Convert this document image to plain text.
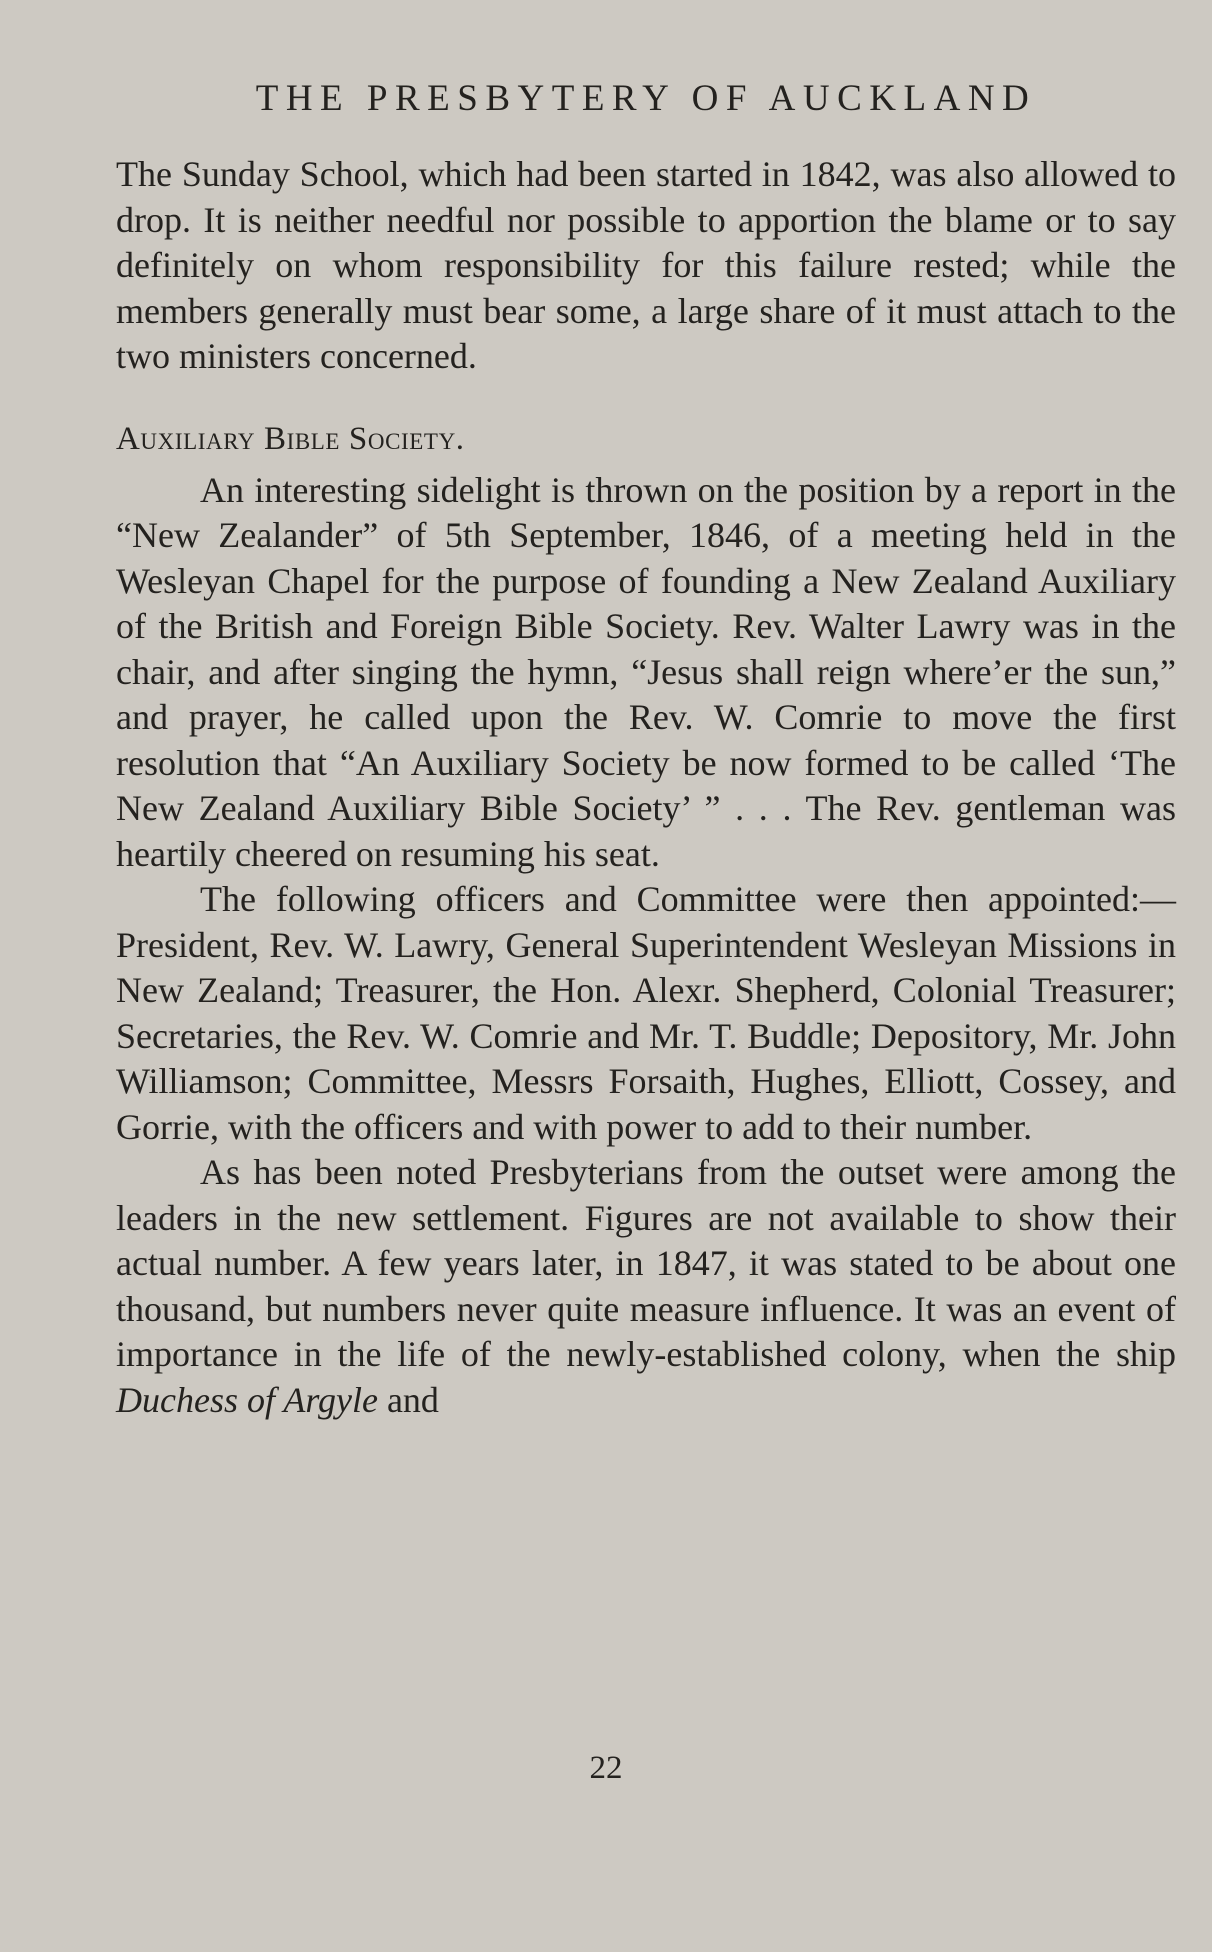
THE PRESBYTERY OF AUCKLAND

The Sunday School, which had been started in 1842, was also allowed to drop. It is neither needful nor possible to apportion the blame or to say definitely on whom responsibility for this failure rested; while the members generally must bear some, a large share of it must attach to the two ministers concerned.

Auxiliary Bible Society.

An interesting sidelight is thrown on the position by a report in the “New Zealander” of 5th September, 1846, of a meeting held in the Wesleyan Chapel for the purpose of founding a New Zealand Auxiliary of the British and Foreign Bible Society. Rev. Walter Lawry was in the chair, and after singing the hymn, “Jesus shall reign where’er the sun,” and prayer, he called upon the Rev. W. Comrie to move the first resolution that “An Auxiliary Society be now formed to be called ‘The New Zealand Auxiliary Bible Society’ ” . . . The Rev. gentleman was heartily cheered on resuming his seat.

The following officers and Committee were then appointed:—President, Rev. W. Lawry, General Superintendent Wesleyan Missions in New Zealand; Treasurer, the Hon. Alexr. Shepherd, Colonial Treasurer; Secretaries, the Rev. W. Comrie and Mr. T. Buddle; Depository, Mr. John Williamson; Committee, Messrs Forsaith, Hughes, Elliott, Cossey, and Gorrie, with the officers and with power to add to their number.

As has been noted Presbyterians from the outset were among the leaders in the new settlement. Figures are not available to show their actual number. A few years later, in 1847, it was stated to be about one thousand, but numbers never quite measure influence. It was an event of importance in the life of the newly-established colony, when the ship Duchess of Argyle and

22
